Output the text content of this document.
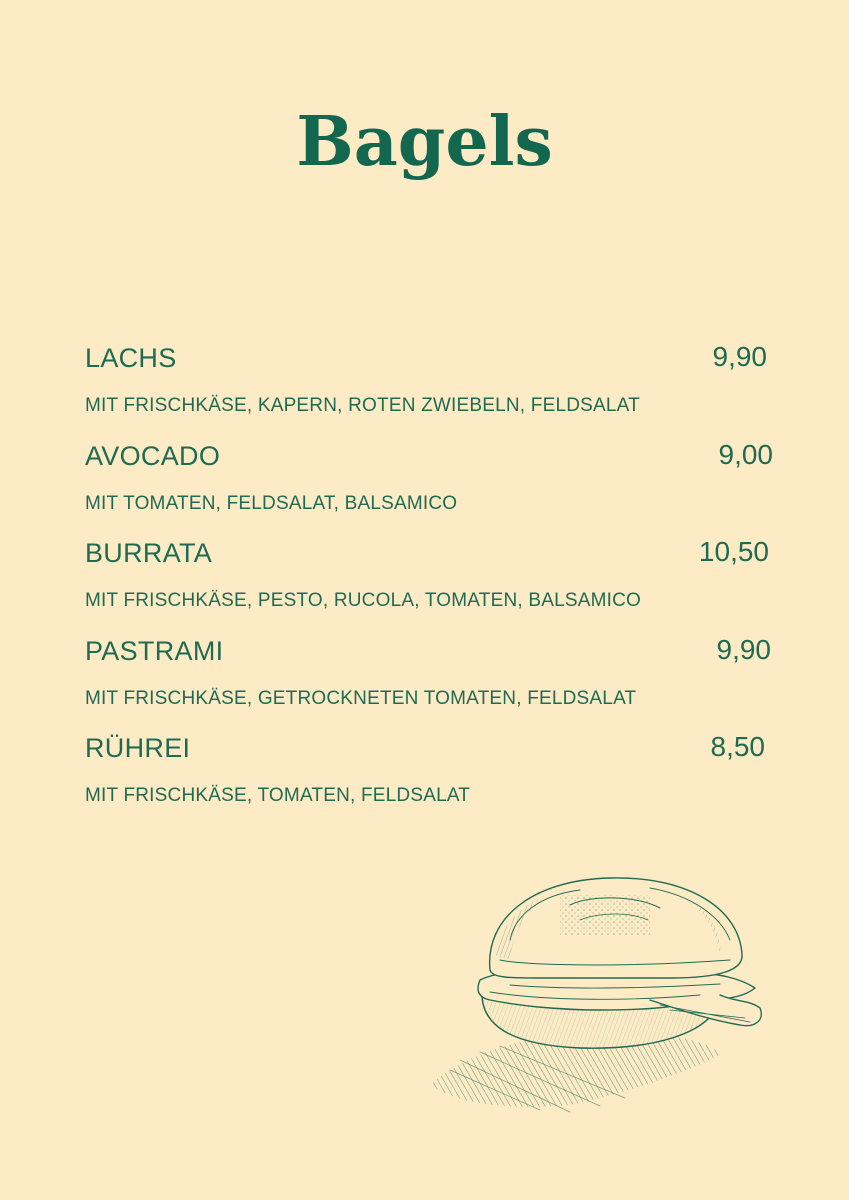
Bagels
LACHS	9,90
MIT FRISCHKÄSE, KAPERN, ROTEN ZWIEBELN, FELDSALAT
AVOCADO	9,00
MIT TOMATEN, FELDSALAT, BALSAMICO
BURRATA	10,50
MIT FRISCHKÄSE, PESTO, RUCOLA, TOMATEN, BALSAMICO
PASTRAMI	9,90
MIT FRISCHKÄSE, GETROCKNETEN TOMATEN, FELDSALAT
RÜHREI	8,50
MIT FRISCHKÄSE, TOMATEN, FELDSALAT
